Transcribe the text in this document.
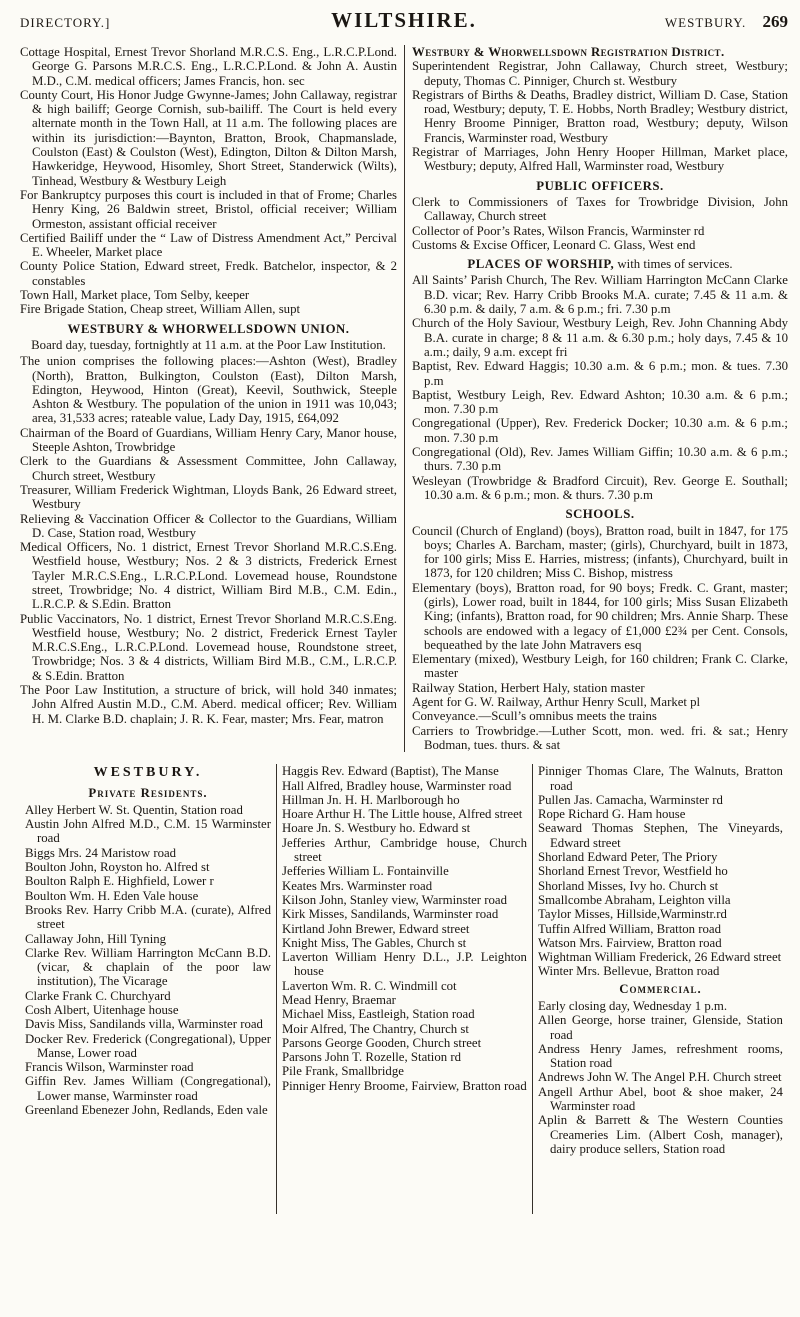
DIRECTORY.]	WILTSHIRE.	WESTBURY. 269

Cottage Hospital, Ernest Trevor Shorland M.R.C.S. Eng., L.R.C.P.Lond. George G. Parsons M.R.C.S. Eng., L.R.C.P.Lond. & John A. Austin M.D., C.M. medical officers; James Francis, hon. sec

County Court, His Honor Judge Gwynne-James; John Callaway, registrar & high bailiff; George Cornish, sub-bailiff. The Court is held every alternate month in the Town Hall, at 11 a.m. The following places are within its jurisdiction:—Baynton, Bratton, Brook, Chapmanslade, Coulston (East) & Coulston (West), Edington, Dilton & Dilton Marsh, Hawkeridge, Heywood, Hisomley, Short Street, Standerwick (Wilts), Tinhead, Westbury & Westbury Leigh

For Bankruptcy purposes this court is included in that of Frome; Charles Henry King, 26 Baldwin street, Bristol, official receiver; William Ormeston, assistant official receiver

Certified Bailiff under the “ Law of Distress Amendment Act,” Percival E. Wheeler, Market place

County Police Station, Edward street, Fredk. Batchelor, inspector, & 2 constables

Town Hall, Market place, Tom Selby, keeper

Fire Brigade Station, Cheap street, William Allen, supt

WESTBURY & WHORWELLSDOWN UNION.

Board day, tuesday, fortnightly at 11 a.m. at the Poor Law Institution.

The union comprises the following places:—Ashton (West), Bradley (North), Bratton, Bulkington, Coulston (East), Dilton Marsh, Edington, Heywood, Hinton (Great), Keevil, Southwick, Steeple Ashton & Westbury. The population of the union in 1911 was 10,043; area, 31,533 acres; rateable value, Lady Day, 1915, £64,092

Chairman of the Board of Guardians, William Henry Cary, Manor house, Steeple Ashton, Trowbridge

Clerk to the Guardians & Assessment Committee, John Callaway, Church street, Westbury

Treasurer, William Frederick Wightman, Lloyds Bank, 26 Edward street, Westbury

Relieving & Vaccination Officer & Collector to the Guardians, William D. Case, Station road, Westbury

Medical Officers, No. 1 district, Ernest Trevor Shorland M.R.C.S.Eng. Westfield house, Westbury; Nos. 2 & 3 districts, Frederick Ernest Tayler M.R.C.S.Eng., L.R.C.P.Lond. Lovemead house, Roundstone street, Trowbridge; No. 4 district, William Bird M.B., C.M. Edin., L.R.C.P. & S.Edin. Bratton

Public Vaccinators, No. 1 district, Ernest Trevor Shorland M.R.C.S.Eng. Westfield house, Westbury; No. 2 district, Frederick Ernest Tayler M.R.C.S.Eng., L.R.C.P.Lond. Lovemead house, Roundstone street, Trowbridge; Nos. 3 & 4 districts, William Bird M.B., C.M., L.R.C.P. & S.Edin. Bratton

The Poor Law Institution, a structure of brick, will hold 340 inmates; John Alfred Austin M.D., C.M. Aberd. medical officer; Rev. William H. M. Clarke B.D. chaplain; J. R. K. Fear, master; Mrs. Fear, matron

Westbury & Whorwellsdown Registration District.

Superintendent Registrar, John Callaway, Church street, Westbury; deputy, Thomas C. Pinniger, Church st. Westbury

Registrars of Births & Deaths, Bradley district, William D. Case, Station road, Westbury; deputy, T. E. Hobbs, North Bradley; Westbury district, Henry Broome Pinniger, Bratton road, Westbury; deputy, Wilson Francis, Warminster road, Westbury

Registrar of Marriages, John Henry Hooper Hillman, Market place, Westbury; deputy, Alfred Hall, Warminster road, Westbury

PUBLIC OFFICERS.

Clerk to Commissioners of Taxes for Trowbridge Division, John Callaway, Church street

Collector of Poor’s Rates, Wilson Francis, Warminster rd

Customs & Excise Officer, Leonard C. Glass, West end

PLACES OF WORSHIP, with times of services.

All Saints’ Parish Church, The Rev. William Harrington McCann Clarke B.D. vicar; Rev. Harry Cribb Brooks M.A. curate; 7.45 & 11 a.m. & 6.30 p.m. & daily, 7 a.m. & 6 p.m.; fri. 7.30 p.m

Church of the Holy Saviour, Westbury Leigh, Rev. John Channing Abdy B.A. curate in charge; 8 & 11 a.m. & 6.30 p.m.; holy days, 7.45 & 10 a.m.; daily, 9 a.m. except fri

Baptist, Rev. Edward Haggis; 10.30 a.m. & 6 p.m.; mon. & tues. 7.30 p.m

Baptist, Westbury Leigh, Rev. Edward Ashton; 10.30 a.m. & 6 p.m.; mon. 7.30 p.m

Congregational (Upper), Rev. Frederick Docker; 10.30 a.m. & 6 p.m.; mon. 7.30 p.m

Congregational (Old), Rev. James William Giffin; 10.30 a.m. & 6 p.m.; thurs. 7.30 p.m

Wesleyan (Trowbridge & Bradford Circuit), Rev. George E. Southall; 10.30 a.m. & 6 p.m.; mon. & thurs. 7.30 p.m

SCHOOLS.

Council (Church of England) (boys), Bratton road, built in 1847, for 175 boys; Charles A. Barcham, master; (girls), Churchyard, built in 1873, for 100 girls; Miss E. Harries, mistress; (infants), Churchyard, built in 1873, for 120 children; Miss C. Bishop, mistress

Elementary (boys), Bratton road, for 90 boys; Fredk. C. Grant, master; (girls), Lower road, built in 1844, for 100 girls; Miss Susan Elizabeth King; (infants), Bratton road, for 90 children; Mrs. Annie Sharp. These schools are endowed with a legacy of £1,000 £2¾ per Cent. Consols, bequeathed by the late John Matravers esq

Elementary (mixed), Westbury Leigh, for 160 children; Frank C. Clarke, master

Railway Station, Herbert Haly, station master

Agent for G. W. Railway, Arthur Henry Scull, Market pl

Conveyance.—Scull’s omnibus meets the trains

Carriers to Trowbridge.—Luther Scott, mon. wed. fri. & sat.; Henry Bodman, tues. thurs. & sat

WESTBURY.

Private Residents.

Alley Herbert W. St. Quentin, Station road

Austin John Alfred M.D., C.M. 15 Warminster road

Biggs Mrs. 24 Maristow road

Boulton John, Royston ho. Alfred st

Boulton Ralph E. Highfield, Lower r

Boulton Wm. H. Eden Vale house

Brooks Rev. Harry Cribb M.A. (curate), Alfred street

Callaway John, Hill Tyning

Clarke Rev. William Harrington McCann B.D. (vicar, & chaplain of the poor law institution), The Vicarage

Clarke Frank C. Churchyard

Cosh Albert, Uitenhage house

Davis Miss, Sandilands villa, Warminster road

Docker Rev. Frederick (Congregational), Upper Manse, Lower road

Francis Wilson, Warminster road

Giffin Rev. James William (Congregational), Lower manse, Warminster road

Greenland Ebenezer John, Redlands, Eden vale

Haggis Rev. Edward (Baptist), The Manse

Hall Alfred, Bradley house, Warminster road

Hillman Jn. H. H. Marlborough ho

Hoare Arthur H. The Little house, Alfred street

Hoare Jn. S. Westbury ho. Edward st

Jefferies Arthur, Cambridge house, Church street

Jefferies William L. Fontainville

Keates Mrs. Warminster road

Kilson John, Stanley view, Warminster road

Kirk Misses, Sandilands, Warminster road

Kirtland John Brewer, Edward street

Knight Miss, The Gables, Church st

Laverton William Henry D.L., J.P. Leighton house

Laverton Wm. R. C. Windmill cot

Mead Henry, Braemar

Michael Miss, Eastleigh, Station road

Moir Alfred, The Chantry, Church st

Parsons George Gooden, Church street

Parsons John T. Rozelle, Station rd

Pile Frank, Smallbridge

Pinniger Henry Broome, Fairview, Bratton road

Pinniger Thomas Clare, The Walnuts, Bratton road

Pullen Jas. Camacha, Warminster rd

Rope Richard G. Ham house

Seaward Thomas Stephen, The Vineyards, Edward street

Shorland Edward Peter, The Priory

Shorland Ernest Trevor, Westfield ho

Shorland Misses, Ivy ho. Church st

Smallcombe Abraham, Leighton villa

Taylor Misses, Hillside,Warminstr.rd

Tuffin Alfred William, Bratton road

Watson Mrs. Fairview, Bratton road

Wightman William Frederick, 26 Edward street

Winter Mrs. Bellevue, Bratton road

Commercial.

Early closing day, Wednesday 1 p.m.

Allen George, horse trainer, Glenside, Station road

Andress Henry James, refreshment rooms, Station road

Andrews John W. The Angel P.H. Church street

Angell Arthur Abel, boot & shoe maker, 24 Warminster road

Aplin & Barrett & The Western Counties Creameries Lim. (Albert Cosh, manager), dairy produce sellers, Station road
